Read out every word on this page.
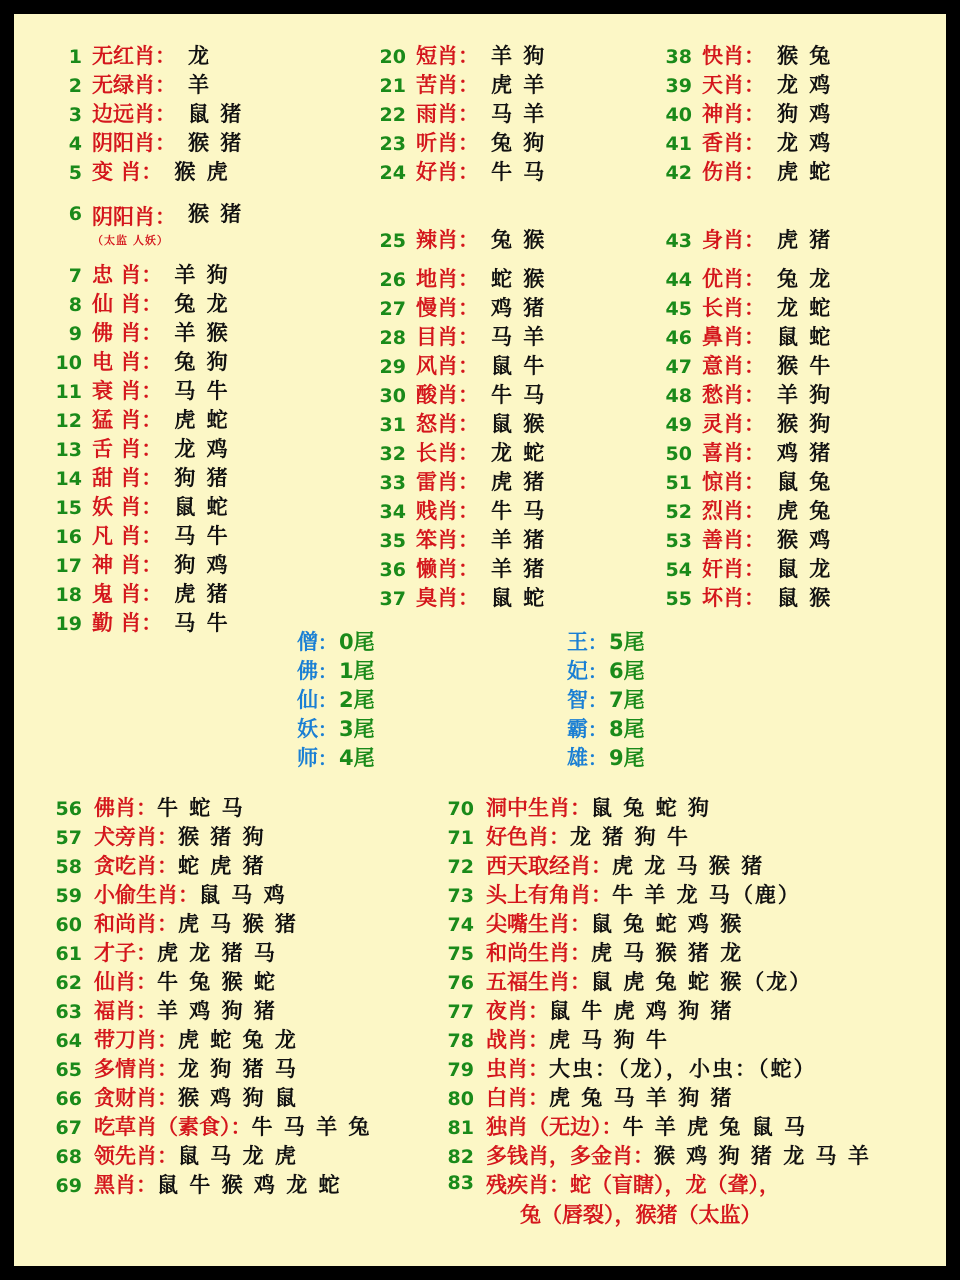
1 无红肖： 龙
2 无绿肖： 羊
3 边远肖： 鼠 猪
4 阴阳肖： 猴 猪
5 变 肖： 猴 虎
6 阴阳肖：
（太监 人妖）
猴 猪
7 忠 肖： 羊 狗
8 仙 肖： 兔 龙
9 佛 肖： 羊 猴
10 电 肖： 兔 狗
11 衰 肖： 马 牛
12 猛 肖： 虎 蛇
13 舌 肖： 龙 鸡
14 甜 肖： 狗 猪
15 妖 肖： 鼠 蛇
16 凡 肖： 马 牛
17 神 肖： 狗 鸡
18 鬼 肖： 虎 猪
19 勤 肖： 马 牛
20 短肖： 羊 狗
21 苦肖： 虎 羊
22 雨肖： 马 羊
23 听肖： 兔 狗
24 好肖： 牛 马
25 辣肖： 兔 猴
26 地肖： 蛇 猴
27 慢肖： 鸡 猪
28 目肖： 马 羊
29 风肖： 鼠 牛
30 酸肖： 牛 马
31 怒肖： 鼠 猴
32 长肖： 龙 蛇
33 雷肖： 虎 猪
34 贱肖： 牛 马
35 笨肖： 羊 猪
36 懒肖： 羊 猪
37 臭肖： 鼠 蛇
38 快肖： 猴 兔
39 天肖： 龙 鸡
40 神肖： 狗 鸡
41 香肖： 龙 鸡
42 伤肖： 虎 蛇
43 身肖： 虎 猪
44 优肖： 兔 龙
45 长肖： 龙 蛇
46 鼻肖： 鼠 蛇
47 意肖： 猴 牛
48 愁肖： 羊 狗
49 灵肖： 猴 狗
50 喜肖： 鸡 猪
51 惊肖： 鼠 兔
52 烈肖： 虎 兔
53 善肖： 猴 鸡
54 奸肖： 鼠 龙
55 坏肖： 鼠 猴
僧 ： 0尾
佛 ： 1尾
仙 ： 2尾
妖 ： 3尾
师 ： 4尾
王 ： 5尾
妃 ： 6尾
智 ： 7尾
霸 ： 8尾
雄 ： 9尾
56 佛肖：牛 蛇 马
57 犬旁肖：猴 猪 狗
58 贪吃肖：蛇 虎 猪
59 小偷生肖：鼠 马 鸡
60 和尚肖：虎 马 猴 猪
61 才子：虎 龙 猪 马
62 仙肖：牛 兔 猴 蛇
63 福肖：羊 鸡 狗 猪
64 带刀肖：虎 蛇 兔 龙
65 多情肖：龙 狗 猪 马
66 贪财肖：猴 鸡 狗 鼠
67 吃草肖（素食）：牛 马 羊 兔
68 领先肖：鼠 马 龙 虎
69 黑肖：鼠 牛 猴 鸡 龙 蛇
70 洞中生肖：鼠 兔 蛇 狗
71 好色肖：龙 猪 狗 牛
72 西天取经肖：虎 龙 马 猴 猪
73 头上有角肖：牛 羊 龙 马（鹿）
74 尖嘴生肖：鼠 兔 蛇 鸡 猴
75 和尚生肖：虎 马 猴 猪 龙
76 五福生肖：鼠 虎 兔 蛇 猴（龙）
77 夜肖：鼠 牛 虎 鸡 狗 猪
78 战肖：虎 马 狗 牛
79 虫肖：大虫：（龙），小虫：（蛇）
80 白肖：虎 兔 马 羊 狗 猪
81 独肖（无边）：牛 羊 虎 兔 鼠 马
82 多钱肖，多金肖：猴 鸡 狗 猪 龙 马 羊
83 残疾肖：蛇（盲瞎），龙（聋），
兔（唇裂），猴猪（太监）
